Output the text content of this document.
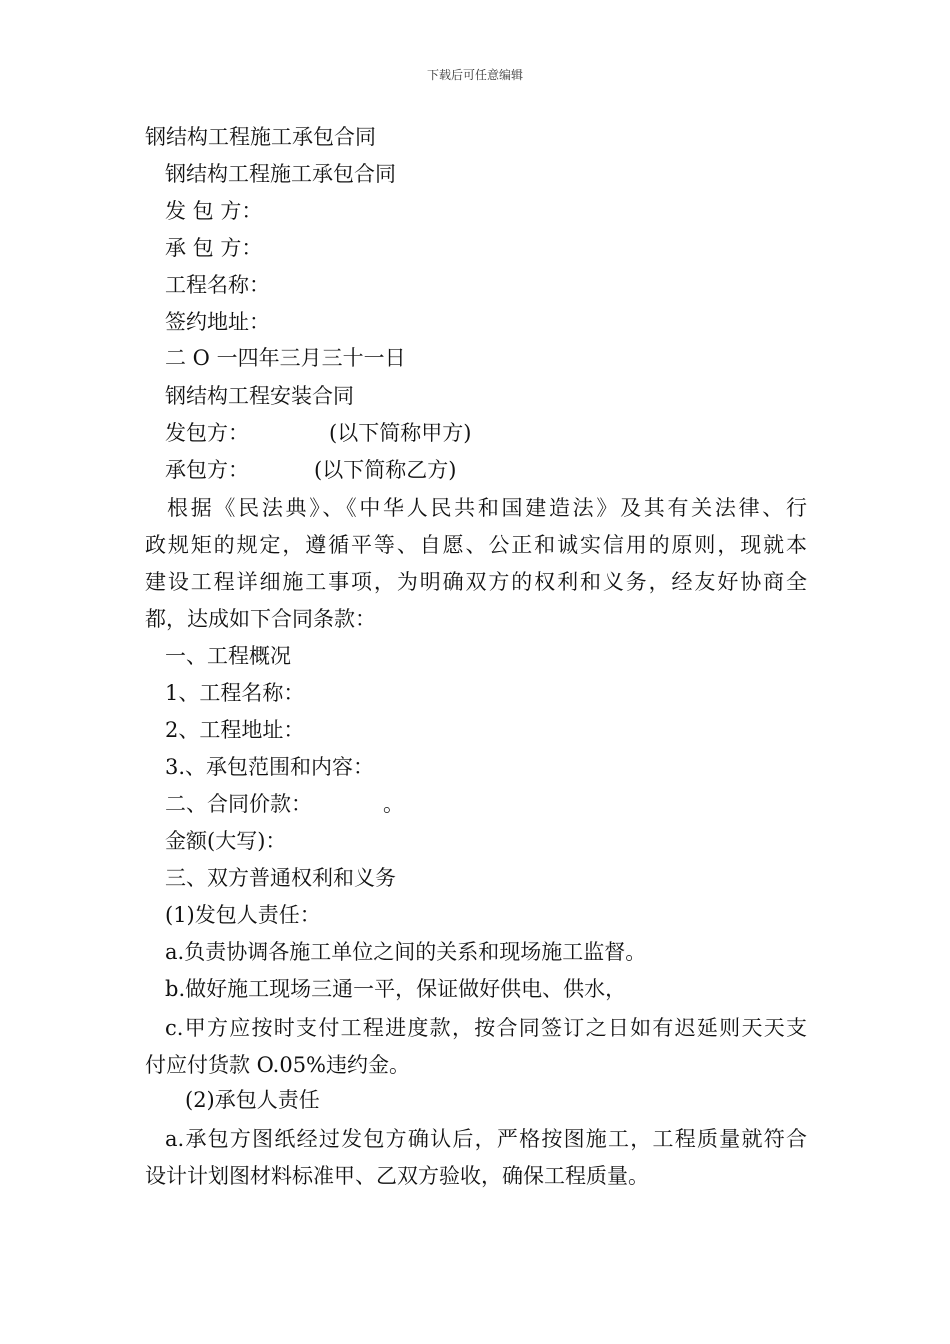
下载后可任意编辑
钢结构工程施工承包合同
钢结构工程施工承包合同
发 包 方：
承 包 方：
工程名称：
签约地址：
二 O 一四年三月三十一日
钢结构工程安装合同
发包方：	(以下简称甲方)
承包方：	(以下简称乙方)
根据《民法典》、《中华人民共和国建造法》及其有关法律、行
政规矩的规定，遵循平等、自愿、公正和诚实信用的原则，现就本
建设工程详细施工事项，为明确双方的权利和义务，经友好协商全
都，达成如下合同条款：
一、工程概况
1、工程名称：
2、工程地址：
3.、承包范围和内容：
二、合同价款：	。
金额(大写)：
三、双方普通权利和义务
(1)发包人责任：
a.负责协调各施工单位之间的关系和现场施工监督。
b.做好施工现场三通一平，保证做好供电、供水，
c.甲方应按时支付工程进度款，按合同签订之日如有迟延则天天支
付应付货款 O.05%违约金。
(2)承包人责任
a.承包方图纸经过发包方确认后，严格按图施工，工程质量就符合
设计计划图材料标准甲、乙双方验收，确保工程质量。
